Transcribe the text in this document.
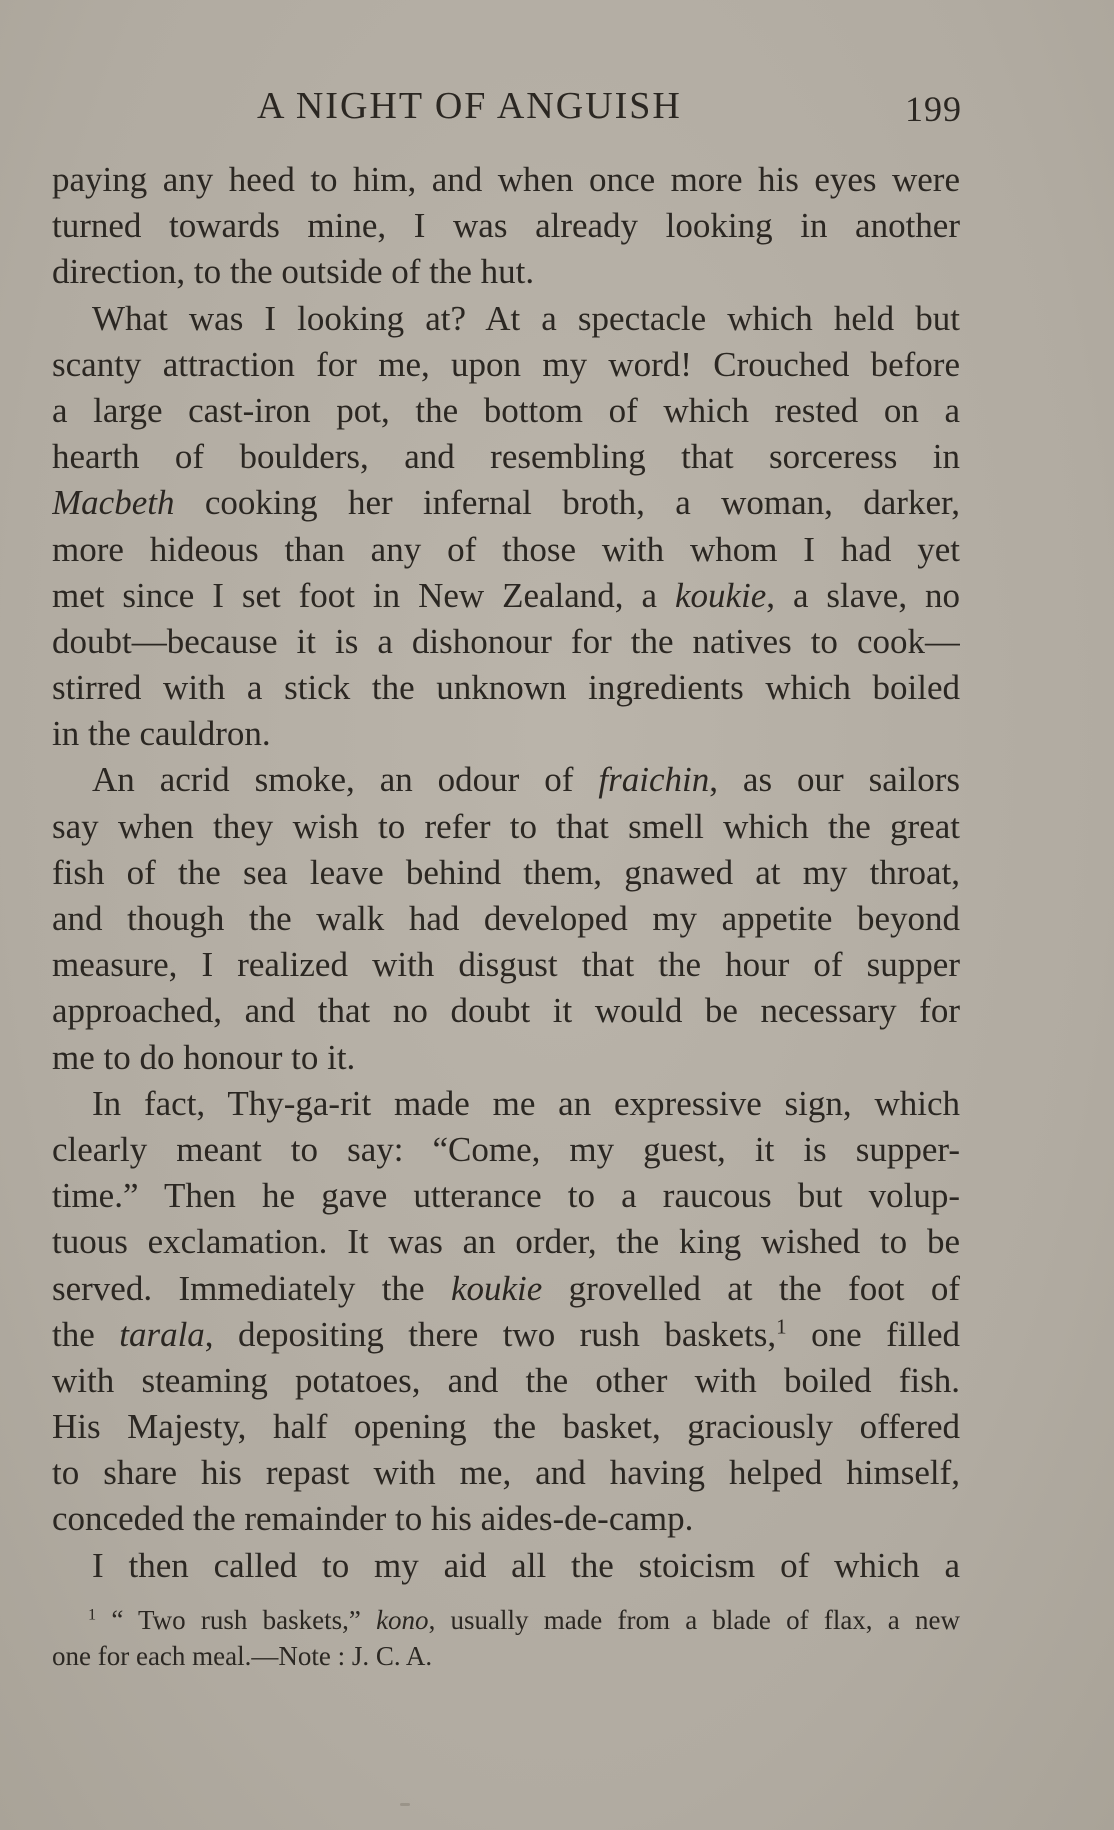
A NIGHT OF ANGUISH	199
paying any heed to him, and when once more his eyes were
turned towards mine, I was already looking in another
direction, to the outside of the hut.
What was I looking at? At a spectacle which held but
scanty attraction for me, upon my word! Crouched before
a large cast-iron pot, the bottom of which rested on a
hearth of boulders, and resembling that sorceress in
Macbeth cooking her infernal broth, a woman, darker,
more hideous than any of those with whom I had yet
met since I set foot in New Zealand, a koukie, a slave, no
doubt—because it is a dishonour for the natives to cook—
stirred with a stick the unknown ingredients which boiled
in the cauldron.
An acrid smoke, an odour of fraichin, as our sailors
say when they wish to refer to that smell which the great
fish of the sea leave behind them, gnawed at my throat,
and though the walk had developed my appetite beyond
measure, I realized with disgust that the hour of supper
approached, and that no doubt it would be necessary for
me to do honour to it.
In fact, Thy-ga-rit made me an expressive sign, which
clearly meant to say: “Come, my guest, it is supper-
time.” Then he gave utterance to a raucous but volup-
tuous exclamation. It was an order, the king wished to be
served. Immediately the koukie grovelled at the foot of
the tarala, depositing there two rush baskets,$^1$ one filled
with steaming potatoes, and the other with boiled fish.
His Majesty, half opening the basket, graciously offered
to share his repast with me, and having helped himself,
conceded the remainder to his aides-de-camp.
I then called to my aid all the stoicism of which a
$^1$ “ Two rush baskets,” kono, usually made from a blade of flax, a new
one for each meal.—Note : J. C. A.
